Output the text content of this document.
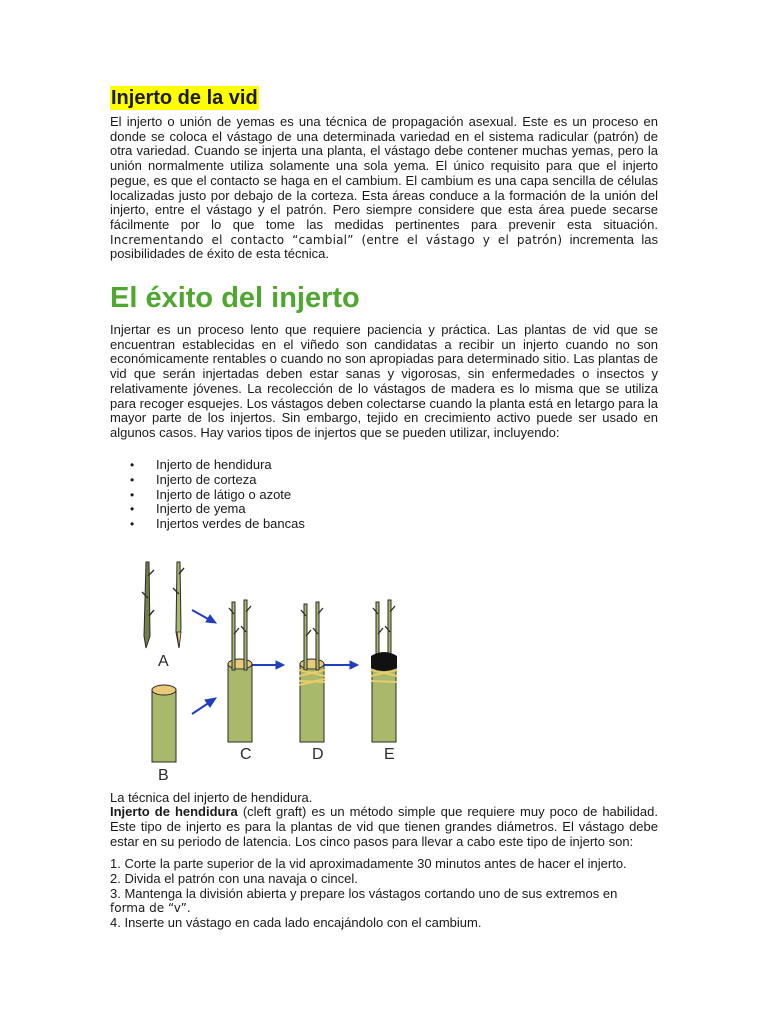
Injerto de la vid

El injerto o unión de yemas es una técnica de propagación asexual. Este es un proceso en donde se coloca el vástago de una determinada variedad en el sistema radicular (patrón) de otra variedad. Cuando se injerta una planta, el vástago debe contener muchas yemas, pero la unión normalmente utiliza solamente una sola yema. El único requisito para que el injerto pegue, es que el contacto se haga en el cambium. El cambium es una capa sencilla de células localizadas justo por debajo de la corteza. Esta áreas conduce a la formación de la unión del injerto, entre el vástago y el patrón. Pero siempre considere que esta área puede secarse fácilmente por lo que tome las medidas pertinentes para prevenir esta situación. Incrementando el contacto “cambial” (entre el vástago y el patrón) incrementa las posibilidades de éxito de esta técnica.

El éxito del injerto

Injertar es un proceso lento que requiere paciencia y práctica. Las plantas de vid que se encuentran establecidas en el viñedo son candidatas a recibir un injerto cuando no son económicamente rentables o cuando no son apropiadas para determinado sitio. Las plantas de vid que serán injertadas deben estar sanas y vigorosas, sin enfermedades o insectos y relativamente jóvenes. La recolección de lo vástagos de madera es lo misma que se utiliza para recoger esquejes. Los vástagos deben colectarse cuando la planta está en letargo para la mayor parte de los injertos. Sin embargo, tejido en crecimiento activo puede ser usado en algunos casos. Hay varios tipos de injertos que se pueden utilizar, incluyendo:

• Injerto de hendidura
• Injerto de corteza
• Injerto de látigo o azote
• Injerto de yema
• Injertos verdes de bancas
A
B
C	D	E

La técnica del injerto de hendidura.

Injerto de hendidura (cleft graft) es un método simple que requiere muy poco de habilidad. Este tipo de injerto es para la plantas de vid que tienen grandes diámetros. El vástago debe estar en su periodo de latencia. Los cinco pasos para llevar a cabo este tipo de injerto son:

1. Corte la parte superior de la vid aproximadamente 30 minutos antes de hacer el injerto.
2. Divida el patrón con una navaja o cincel.
3. Mantenga la división abierta y prepare los vástagos cortando uno de sus extremos en
forma de “v”.
4. Inserte un vástago en cada lado encajándolo con el cambium.
